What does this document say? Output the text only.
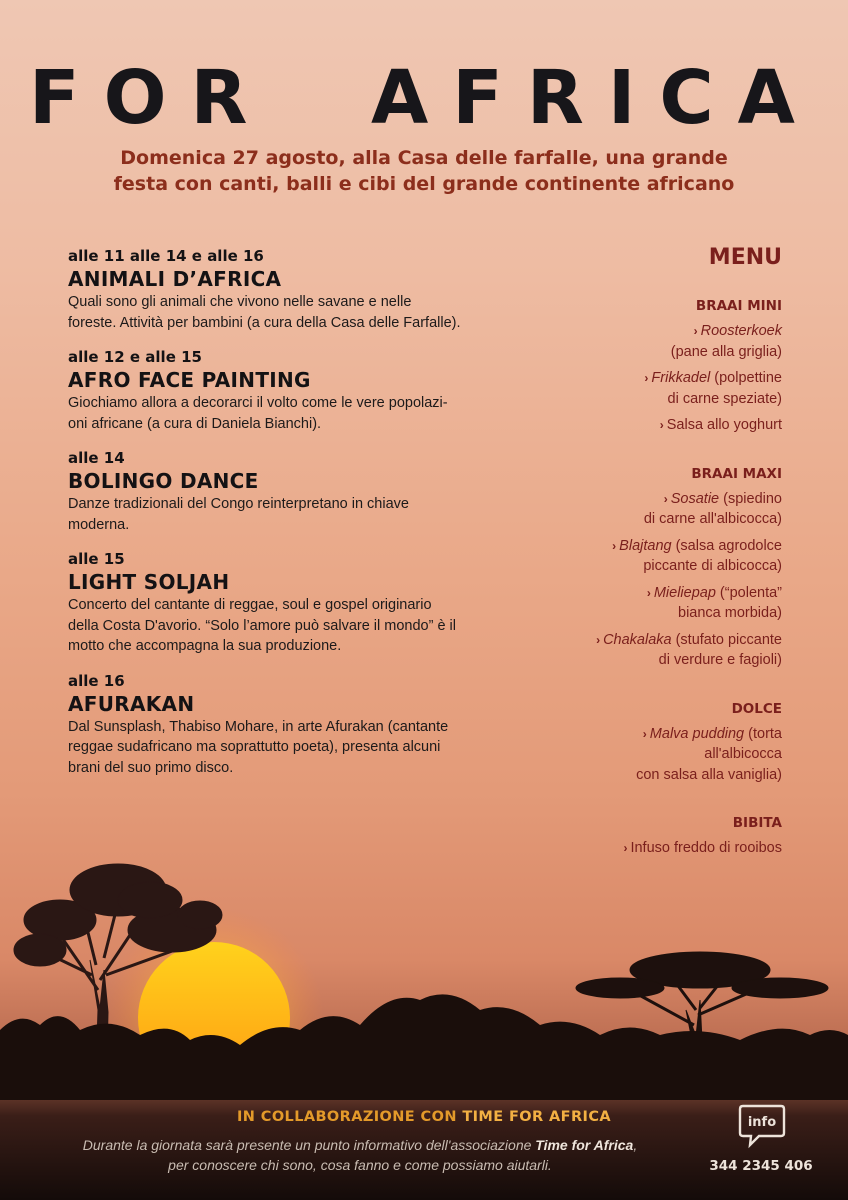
FOR  AFRICA
Domenica 27 agosto, alla Casa delle farfalle, una grande
festa con canti, balli e cibi del grande continente africano
alle 11 alle 14 e alle 16
ANIMALI D’AFRICA
Quali sono gli animali che vivono nelle savane e nelle
foreste. Attività per bambini (a cura della Casa delle Farfalle).
alle 12 e alle 15
AFRO FACE PAINTING
Giochiamo allora a decorarci il volto come le vere popolazi-
oni africane (a cura di Daniela Bianchi).
alle 14
BOLINGO DANCE
Danze tradizionali del Congo reinterpretano in chiave
moderna.
alle 15
LIGHT SOLJAH
Concerto del cantante di reggae, soul e gospel originario
della Costa D'avorio. “Solo l’amore può salvare il mondo” è il
motto che accompagna la sua produzione.
alle 16
AFURAKAN
Dal Sunsplash, Thabiso Mohare, in arte Afurakan (cantante
reggae sudafricano ma soprattutto poeta), presenta alcuni
brani del suo primo disco.
MENU
BRAAI MINI
› Roosterkoek
(pane alla griglia)
› Frikkadel (polpettine
di carne speziate)
› Salsa allo yoghurt
BRAAI MAXI
› Sosatie (spiedino
di carne all'albicocca)
› Blajtang (salsa agrodolce
piccante di albicocca)
› Mieliepap (“polenta”
bianca morbida)
› Chakalaka (stufato piccante
di verdure e fagioli)
DOLCE
› Malva pudding (torta
all'albicocca
con salsa alla vaniglia)
BIBITA
› Infuso freddo di rooibos
IN COLLABORAZIONE CON TIME FOR AFRICA
Durante la giornata sarà presente un punto informativo dell'associazione Time for Africa,
per conoscere chi sono, cosa fanno e come possiamo aiutarli.
info
344 2345 406
